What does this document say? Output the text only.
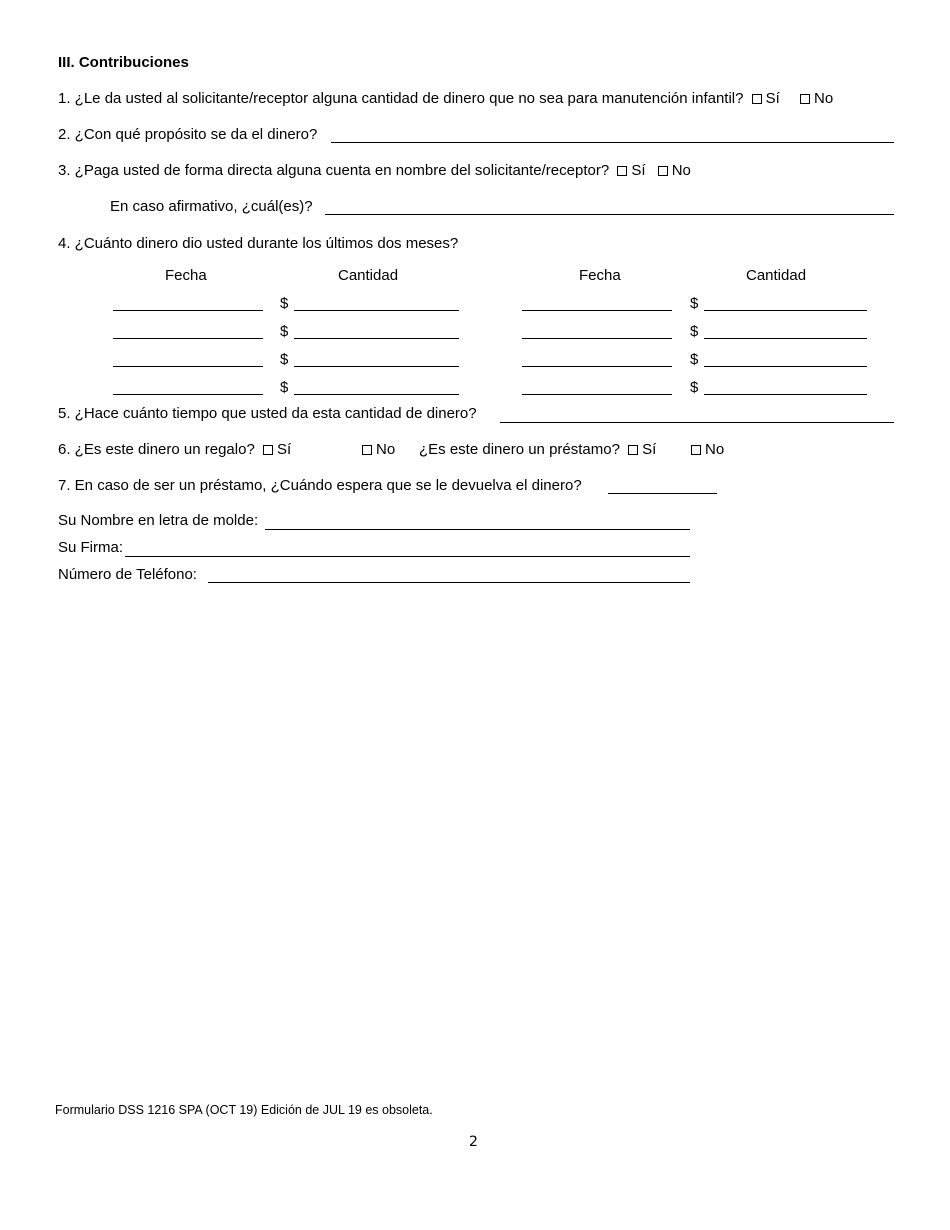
III. Contribuciones
1. ¿Le da usted al solicitante/receptor alguna cantidad de dinero que no sea para manutención infantil? Sí No
2. ¿Con qué propósito se da el dinero?
3. ¿Paga usted de forma directa alguna cuenta en nombre del solicitante/receptor? Sí No
En caso afirmativo, ¿cuál(es)?
4. ¿Cuánto dinero dio usted durante los últimos dos meses?
Fecha	Cantidad	Fecha	Cantidad
$	$
$	$
$	$
$	$
5. ¿Hace cuánto tiempo que usted da esta cantidad de dinero?
6. ¿Es este dinero un regalo? Sí	No ¿Es este dinero un préstamo? Sí	No
7. En caso de ser un préstamo, ¿Cuándo espera que se le devuelva el dinero?
Su Nombre en letra de molde:
Su Firma:
Número de Teléfono:
Formulario DSS 1216 SPA (OCT 19) Edición de JUL 19 es obsoleta.
2
